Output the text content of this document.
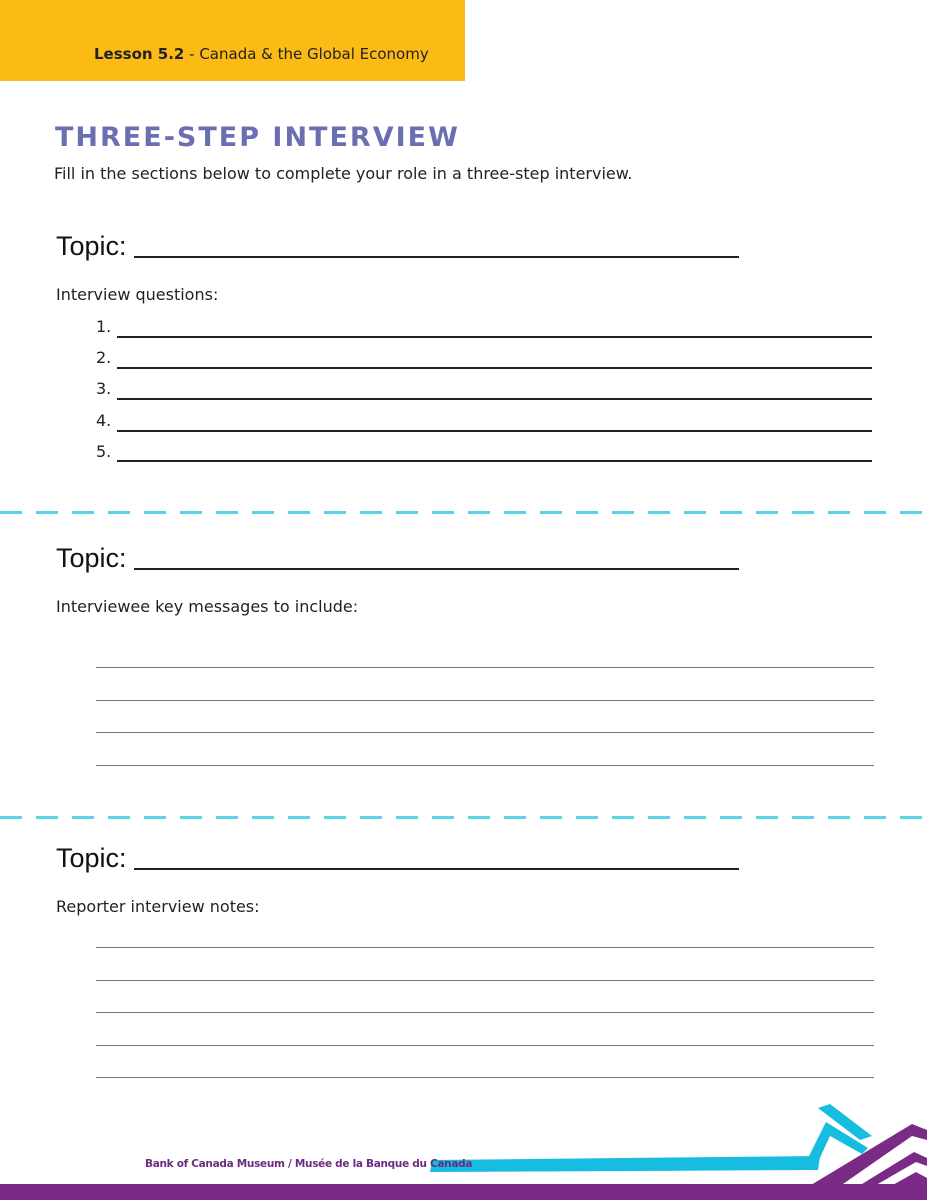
Lesson 5.2 - Canada & the Global Economy
THREE-STEP INTERVIEW
Fill in the sections below to complete your role in a three-step interview.
Topic:
Interview questions:
1.
2.
3.
4.
5.
Topic:
Interviewee key messages to include:
Topic:
Reporter interview notes:
Bank of Canada Museum / Musée de la Banque du Canada
